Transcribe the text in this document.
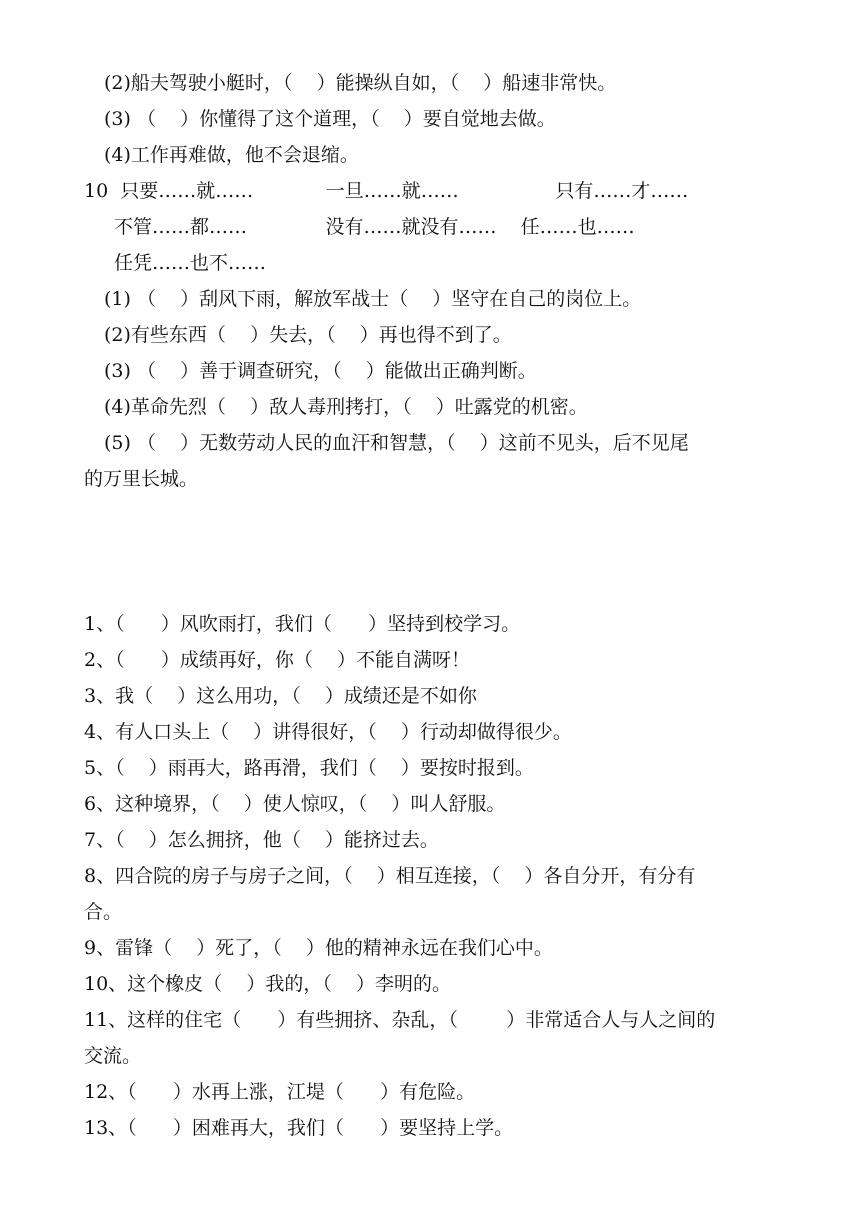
(2)船夫驾驶小艇时，（    ）能操纵自如，（    ）船速非常快。
(3) （    ）你懂得了这个道理，（    ）要自觉地去做。
(4)工作再难做，他不会退缩。
10  只要……就……            一旦……就……                只有……才……
不管……都……             没有……就没有……    任……也……
任凭……也不……
(1) （    ）刮风下雨，解放军战士（    ）坚守在自己的岗位上。
(2)有些东西（    ）失去，（    ）再也得不到了。
(3) （    ）善于调查研究，（    ）能做出正确判断。
(4)革命先烈（    ）敌人毒刑拷打，（    ）吐露党的机密。
(5) （    ）无数劳动人民的血汗和智慧，（    ）这前不见头，后不见尾
的万里长城。
1、（      ）风吹雨打，我们（      ）坚持到校学习。
2、（      ）成绩再好，你（    ）不能自满呀！
3、我（    ）这么用功，（    ）成绩还是不如你
4、有人口头上（    ）讲得很好，（    ）行动却做得很少。
5、（    ）雨再大，路再滑，我们（    ）要按时报到。
6、这种境界，（    ）使人惊叹，（    ）叫人舒服。
7、（    ）怎么拥挤，他（    ）能挤过去。
8、四合院的房子与房子之间，（    ）相互连接，（    ）各自分开，有分有
合。
9、雷锋（    ）死了，（    ）他的精神永远在我们心中。
10、这个橡皮（    ）我的，（    ）李明的。
11、这样的住宅（      ）有些拥挤、杂乱，（        ）非常适合人与人之间的
交流。
12、（      ）水再上涨，江堤（      ）有危险。
13、（      ）困难再大，我们（      ）要坚持上学。
